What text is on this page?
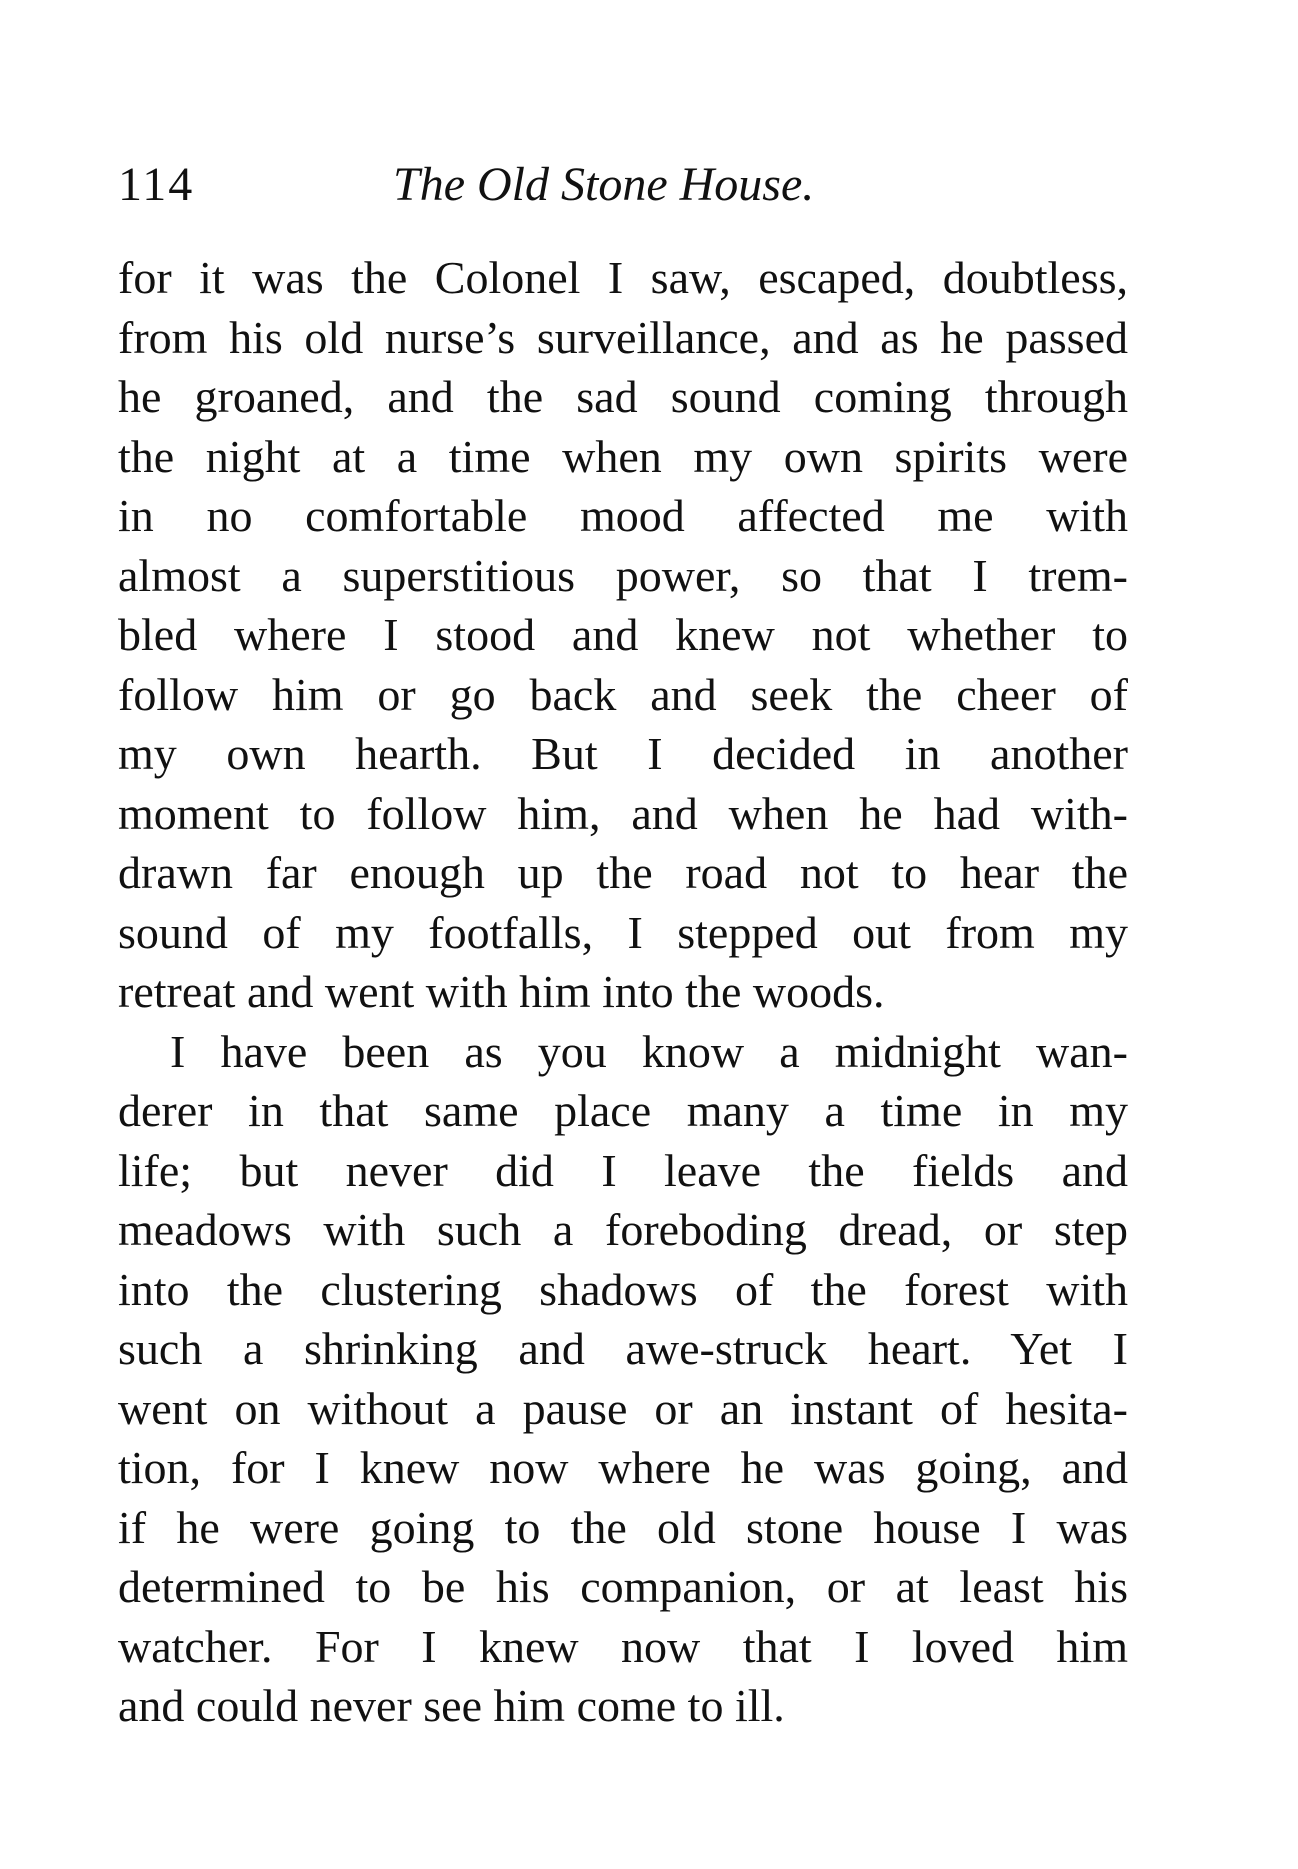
114	The Old Stone House.
for it was the Colonel I saw, escaped, doubtless,
from his old nurse’s surveillance, and as he passed
he groaned, and the sad sound coming through
the night at a time when my own spirits were
in no comfortable mood affected me with
almost a superstitious power, so that I trem-
bled where I stood and knew not whether to
follow him or go back and seek the cheer of
my own hearth. But I decided in another
moment to follow him, and when he had with-
drawn far enough up the road not to hear the
sound of my footfalls, I stepped out from my
retreat and went with him into the woods.
I have been as you know a midnight wan-
derer in that same place many a time in my
life; but never did I leave the fields and
meadows with such a foreboding dread, or step
into the clustering shadows of the forest with
such a shrinking and awe-struck heart. Yet I
went on without a pause or an instant of hesita-
tion, for I knew now where he was going, and
if he were going to the old stone house I was
determined to be his companion, or at least his
watcher. For I knew now that I loved him
and could never see him come to ill.
